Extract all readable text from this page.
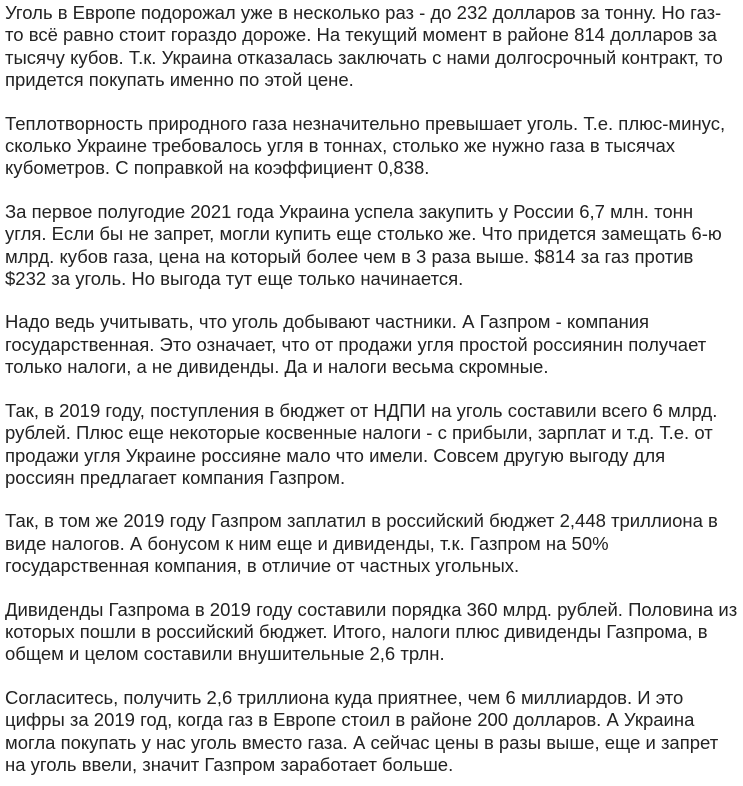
Уголь в Европе подорожал уже в несколько раз - до 232 долларов за тонну. Но газ-то всё равно стоит гораздо дороже. На текущий момент в районе 814 долларов за тысячу кубов. Т.к. Украина отказалась заключать с нами долгосрочный контракт, то придется покупать именно по этой цене.

Теплотворность природного газа незначительно превышает уголь. Т.е. плюс-минус, сколько Украине требовалось угля в тоннах, столько же нужно газа в тысячах кубометров. С поправкой на коэффициент 0,838.

За первое полугодие 2021 года Украина успела закупить у России 6,7 млн. тонн угля. Если бы не запрет, могли купить еще столько же. Что придется замещать 6-ю млрд. кубов газа, цена на который более чем в 3 раза выше. $814 за газ против $232 за уголь. Но выгода тут еще только начинается.

Надо ведь учитывать, что уголь добывают частники. А Газпром - компания государственная. Это означает, что от продажи угля простой россиянин получает только налоги, а не дивиденды. Да и налоги весьма скромные.

Так, в 2019 году, поступления в бюджет от НДПИ на уголь составили всего 6 млрд. рублей. Плюс еще некоторые косвенные налоги - с прибыли, зарплат и т.д. Т.е. от продажи угля Украине россияне мало что имели. Совсем другую выгоду для россиян предлагает компания Газпром.

Так, в том же 2019 году Газпром заплатил в российский бюджет 2,448 триллиона в виде налогов. А бонусом к ним еще и дивиденды, т.к. Газпром на 50% государственная компания, в отличие от частных угольных.

Дивиденды Газпрома в 2019 году составили порядка 360 млрд. рублей. Половина из которых пошли в российский бюджет. Итого, налоги плюс дивиденды Газпрома, в общем и целом составили внушительные 2,6 трлн.

Согласитесь, получить 2,6 триллиона куда приятнее, чем 6 миллиардов. И это цифры за 2019 год, когда газ в Европе стоил в районе 200 долларов. А Украина могла покупать у нас уголь вместо газа. А сейчас цены в разы выше, еще и запрет на уголь ввели, значит Газпром заработает больше.
